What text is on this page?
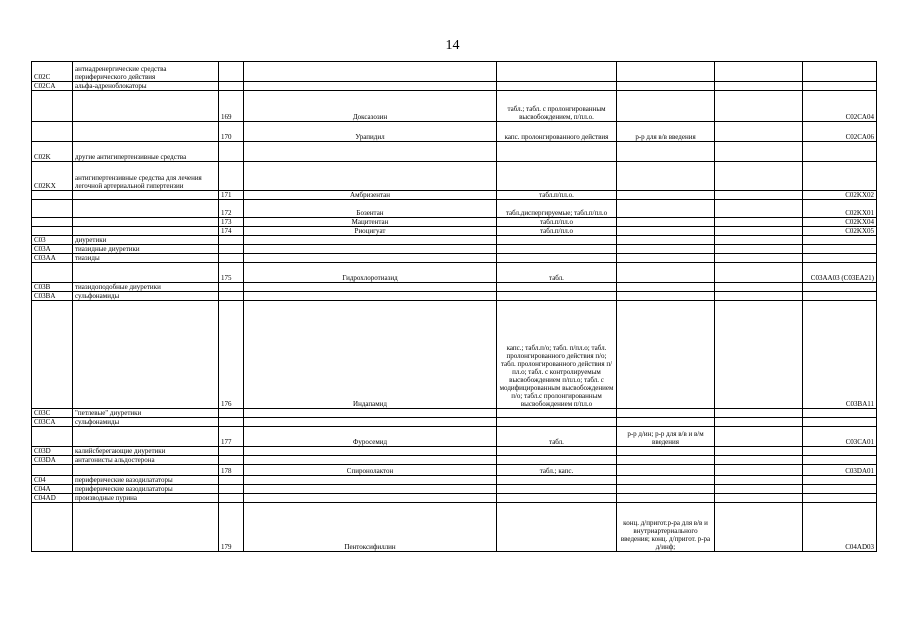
14
C02C	антиадренергические средства периферического действия						
C02CA	альфа-адреноблокаторы						
		169	Доксазозин	табл.; табл. с пролонгированным высвобождением, п/пл.о.			C02CA04
		170	Урапидил	капс. пролонгированного действия	р-р для в/в введения		C02CA06
C02K	другие антигипертензивные средства						
C02KX	антигипертензивные средства для лечения легочной артериальной гипертензии						
		171	Амбризентан	табл.п/пл.о.			C02KX02
		172	Бозентан	табл.диспергируемые; табл.п/пл.о			C02KX01
		173	Мацитентан	табл.п/пл.о			C02KX04
		174	Риоцигуат	табл.п/пл.о			C02KX05
C03	диуретики						
C03A	тиазидные диуретики						
C03AA	тиазиды						
		175	Гидрохлоротиазид	табл.			C03AA03 (C03EA21)
C03B	тиазидоподобные диуретики						
C03BA	сульфонамиды						
		176	Индапамид	капс.; табл.п/о; табл. п/пл.о; табл. пролонгированного действия п/о; табл. пролонгированного действия п/пл.о; табл. с контролируемым высвобождением п/пл.о; табл. с модифицированным высвобождением п/о; табл.с пролонгированным высвобождением п/пл.о			C03BA11
C03C	"петлевые" диуретики						
C03CA	сульфонамиды						
		177	Фуросемид	табл.	р-р д/ин; р-р для в/в и в/м введения		C03CA01
C03D	калийсберегающие диуретики						
C03DA	антагонисты альдостерона						
		178	Спиронолактон	табл.; капс.			C03DA01
C04	периферические вазодилататоры						
C04A	периферические вазодилататоры						
C04AD	производные пурина						
		179	Пентоксифиллин		конц. д/пригот.р-ра для в/в и внутриартериального введения; конц. д/пригот. р-ра д/инф;		C04AD03
